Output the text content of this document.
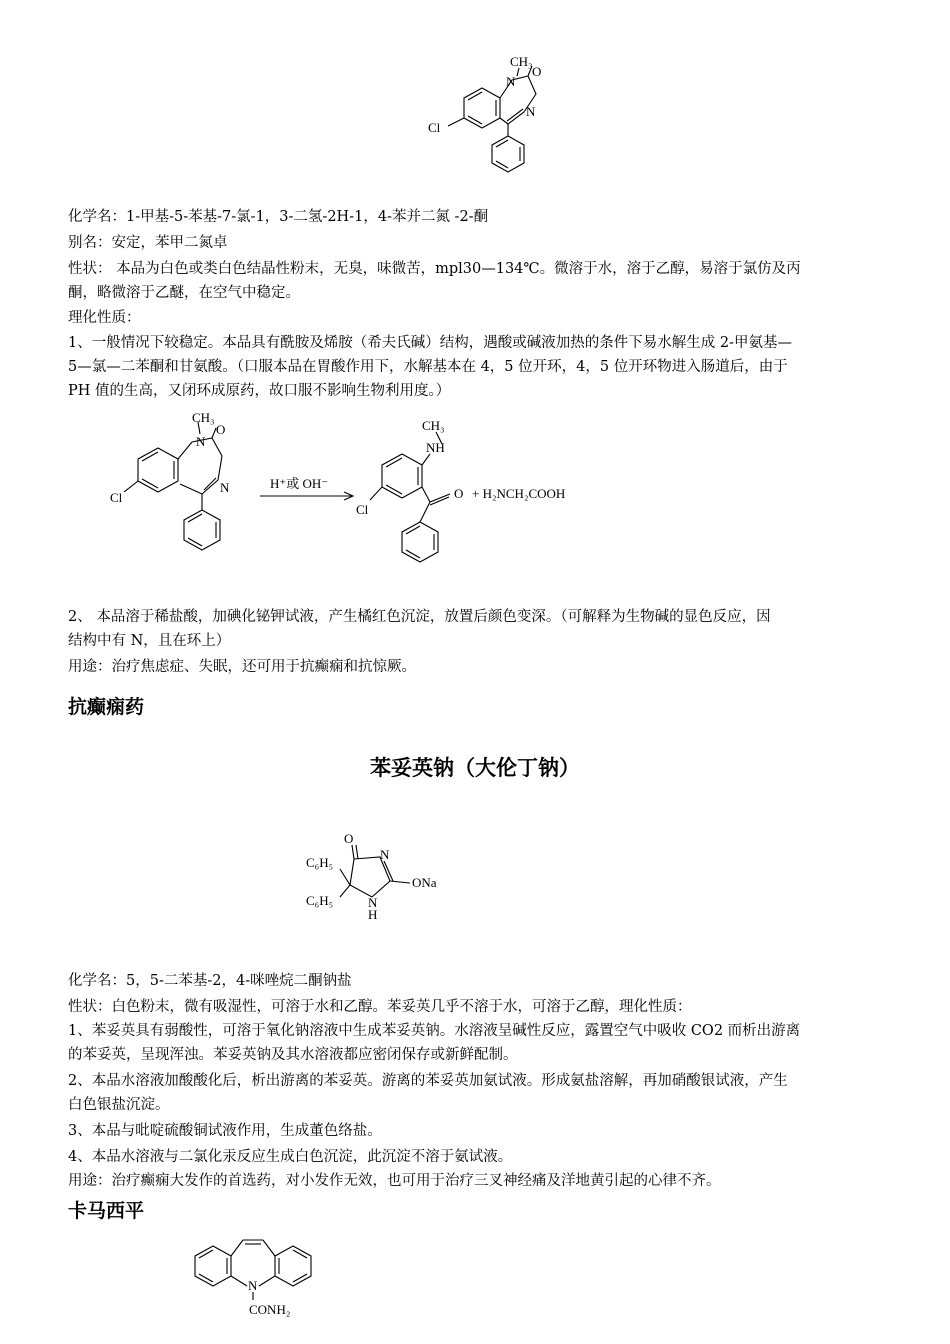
CH₃
O
N
N
Cl
化学名：1-甲基-5-苯基-7-氯-1，3-二氢-2H-1，4-苯并二氮 -2-酮
别名：安定，苯甲二氮卓
性状： 本品为白色或类白色结晶性粉末，无臭，味微苦，mpl30—134℃。微溶于水，溶于乙醇，易溶于氯仿及丙
酮，略微溶于乙醚，在空气中稳定。
理化性质：
1、一般情况下较稳定。本品具有酰胺及烯胺（希夫氏碱）结构，遇酸或碱液加热的条件下易水解生成 2-甲氨基—
5—氯—二苯酮和甘氨酸。（口服本品在胃酸作用下，水解基本在 4，5 位开环，4，5 位开环物进入肠道后，由于
PH 值的生高，又闭环成原药，故口服不影响生物利用度。）
CH₃
O
N
N
Cl
H⁺或 OH⁻
CH₃
NH
O
Cl
+ H₂NCH₂COOH
2、 本品溶于稀盐酸，加碘化铋钾试液，产生橘红色沉淀，放置后颜色变深。（可解释为生物碱的显色反应，因
结构中有 N，且在环上）
用途：治疗焦虑症、失眠，还可用于抗癫痫和抗惊厥。
抗癫痫药
苯妥英钠（大伦丁钠）
O
N
C₆H₅
ONa
C₆H₅	N
H
化学名：5，5-二苯基-2，4-咪唑烷二酮钠盐
性状：白色粉末，微有吸湿性，可溶于水和乙醇。苯妥英几乎不溶于水，可溶于乙醇，理化性质：
1、苯妥英具有弱酸性，可溶于氧化钠溶液中生成苯妥英钠。水溶液呈碱性反应，露置空气中吸收 CO2 而析出游离
的苯妥英，呈现浑浊。苯妥英钠及其水溶液都应密闭保存或新鲜配制。
2、本品水溶液加酸酸化后，析出游离的苯妥英。游离的苯妥英加氨试液。形成氨盐溶解，再加硝酸银试液，产生
白色银盐沉淀。
3、本品与吡啶硫酸铜试液作用，生成董色络盐。
4、本品水溶液与二氯化汞反应生成白色沉淀，此沉淀不溶于氨试液。
用途：治疗癫痫大发作的首选药，对小发作无效，也可用于治疗三叉神经痛及洋地黄引起的心律不齐。
卡马西平
N
CONH₂
